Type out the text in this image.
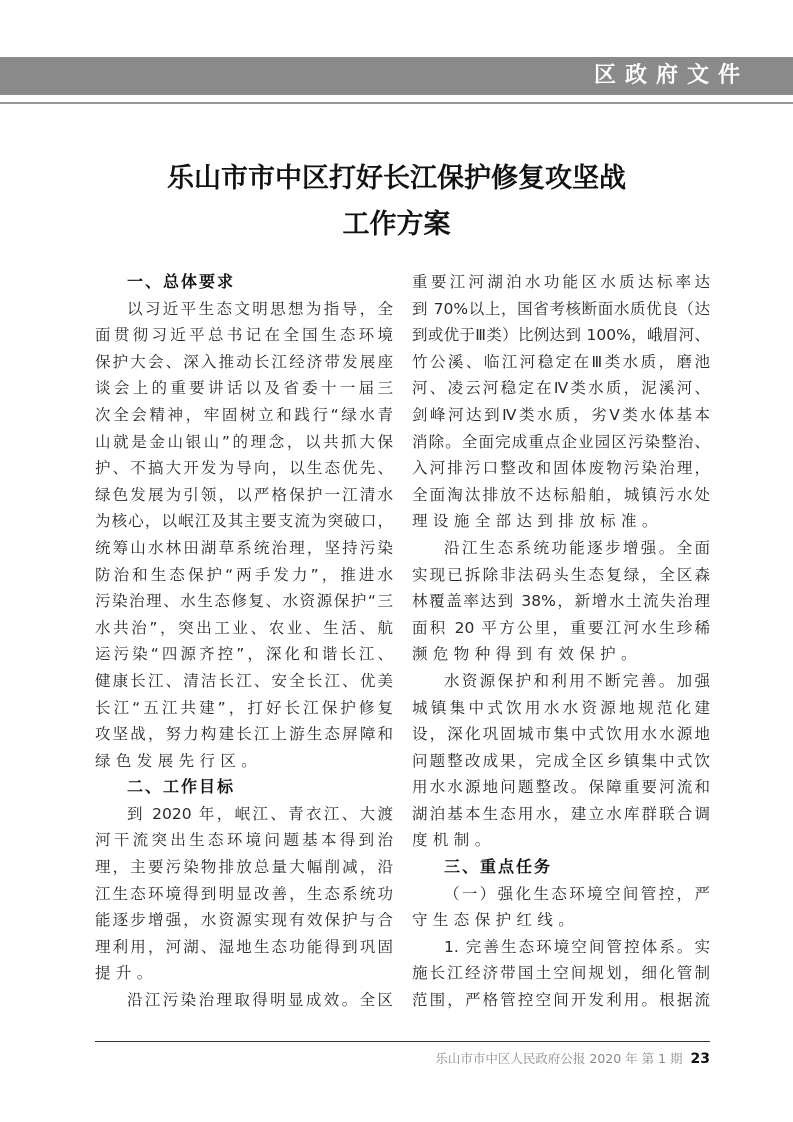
区政府文件
乐山市市中区打好长江保护修复攻坚战
工作方案
一、总体要求
以习近平生态文明思想为指导，全
面贯彻习近平总书记在全国生态环境
保护大会、深入推动长江经济带发展座
谈会上的重要讲话以及省委十一届三
次全会精神，牢固树立和践行“绿水青
山就是金山银山”的理念，以共抓大保
护、不搞大开发为导向，以生态优先、
绿色发展为引领，以严格保护一江清水
为核心，以岷江及其主要支流为突破口，
统筹山水林田湖草系统治理，坚持污染
防治和生态保护“两手发力”，推进水
污染治理、水生态修复、水资源保护“三
水共治”，突出工业、农业、生活、航
运污染“四源齐控”，深化和谐长江、
健康长江、清洁长江、安全长江、优美
长江“五江共建”，打好长江保护修复
攻坚战，努力构建长江上游生态屏障和
绿色发展先行区。
二、工作目标
到 2020 年，岷江、青衣江、大渡
河干流突出生态环境问题基本得到治
理，主要污染物排放总量大幅削减，沿
江生态环境得到明显改善，生态系统功
能逐步增强，水资源实现有效保护与合
理利用，河湖、湿地生态功能得到巩固
提升。
沿江污染治理取得明显成效。全区
重要江河湖泊水功能区水质达标率达
到 70%以上，国省考核断面水质优良（达
到或优于Ⅲ类）比例达到 100%，峨眉河、
竹公溪、临江河稳定在Ⅲ类水质，磨池
河、凌云河稳定在Ⅳ类水质，泥溪河、
剑峰河达到Ⅳ类水质，劣Ⅴ类水体基本
消除。全面完成重点企业园区污染整治、
入河排污口整改和固体废物污染治理，
全面淘汰排放不达标船舶，城镇污水处
理设施全部达到排放标准。
沿江生态系统功能逐步增强。全面
实现已拆除非法码头生态复绿，全区森
林覆盖率达到 38%，新增水土流失治理
面积 20 平方公里，重要江河水生珍稀
濒危物种得到有效保护。
水资源保护和利用不断完善。加强
城镇集中式饮用水水资源地规范化建
设，深化巩固城市集中式饮用水水源地
问题整改成果，完成全区乡镇集中式饮
用水水源地问题整改。保障重要河流和
湖泊基本生态用水，建立水库群联合调
度机制。
三、重点任务
（一）强化生态环境空间管控，严
守生态保护红线。
1. 完善生态环境空间管控体系。实
施长江经济带国土空间规划，细化管制
范围，严格管控空间开发利用。根据流
乐山市市中区人民政府公报 2020 年 第 1 期 23
